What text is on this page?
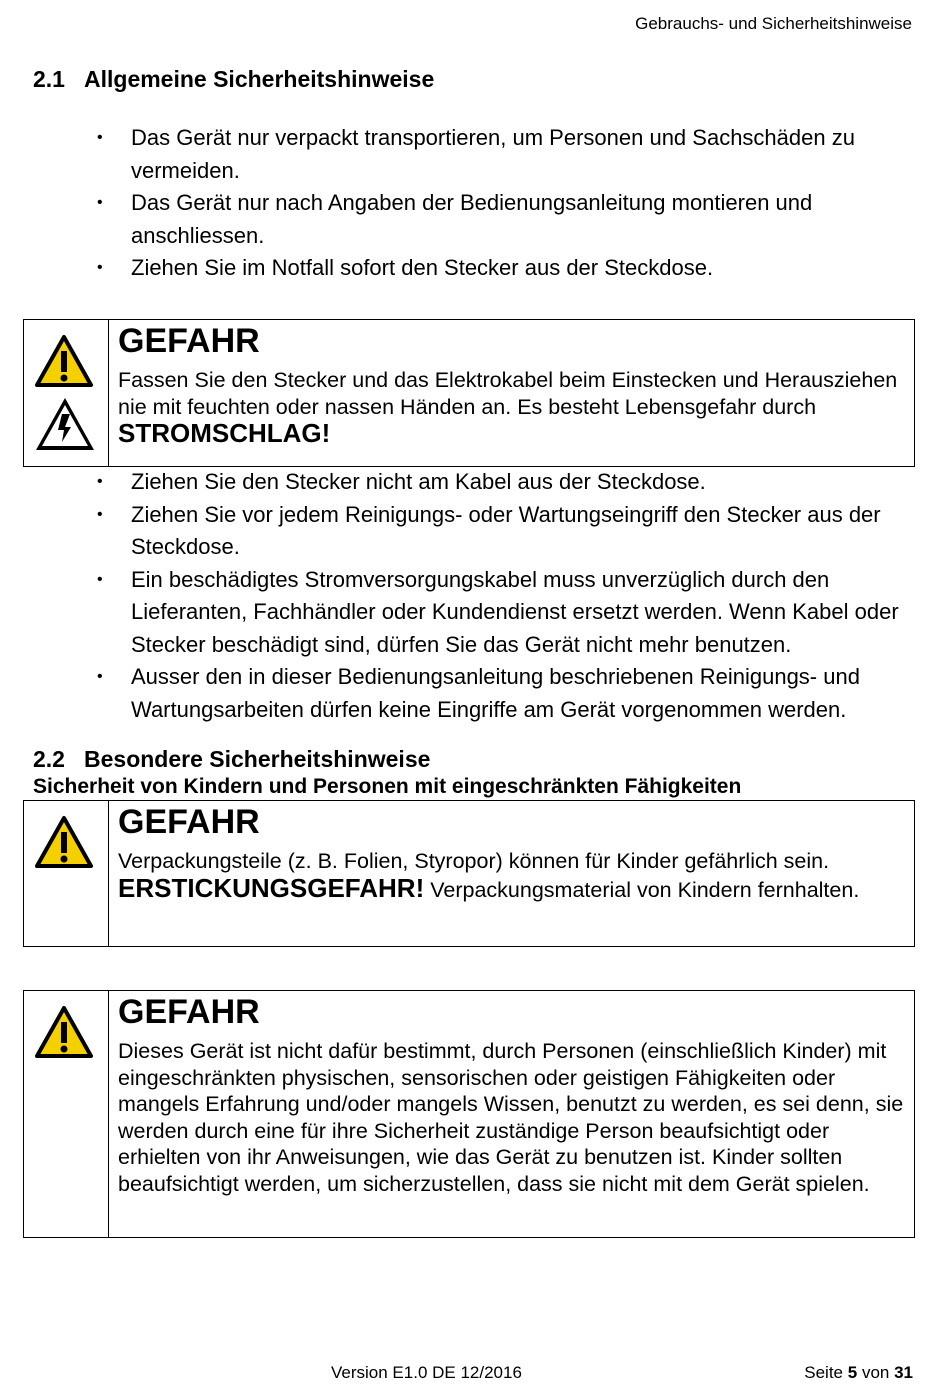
Gebrauchs- und Sicherheitshinweise
2.1 Allgemeine Sicherheitshinweise
• Das Gerät nur verpackt transportieren, um Personen und Sachschäden zu vermeiden.
• Das Gerät nur nach Angaben der Bedienungsanleitung montieren und anschliessen.
• Ziehen Sie im Notfall sofort den Stecker aus der Steckdose.
GEFAHR
Fassen Sie den Stecker und das Elektrokabel beim Einstecken und Herausziehen nie mit feuchten oder nassen Händen an. Es besteht Lebensgefahr durch STROMSCHLAG!
• Ziehen Sie den Stecker nicht am Kabel aus der Steckdose.
• Ziehen Sie vor jedem Reinigungs- oder Wartungseingriff den Stecker aus der Steckdose.
• Ein beschädigtes Stromversorgungskabel muss unverzüglich durch den Lieferanten, Fachhändler oder Kundendienst ersetzt werden. Wenn Kabel oder Stecker beschädigt sind, dürfen Sie das Gerät nicht mehr benutzen.
• Ausser den in dieser Bedienungsanleitung beschriebenen Reinigungs- und Wartungsarbeiten dürfen keine Eingriffe am Gerät vorgenommen werden.
2.2 Besondere Sicherheitshinweise
Sicherheit von Kindern und Personen mit eingeschränkten Fähigkeiten
GEFAHR
Verpackungsteile (z. B. Folien, Styropor) können für Kinder gefährlich sein.
ERSTICKUNGSGEFAHR! Verpackungsmaterial von Kindern fernhalten.
GEFAHR
Dieses Gerät ist nicht dafür bestimmt, durch Personen (einschließlich Kinder) mit eingeschränkten physischen, sensorischen oder geistigen Fähigkeiten oder mangels Erfahrung und/oder mangels Wissen, benutzt zu werden, es sei denn, sie werden durch eine für ihre Sicherheit zuständige Person beaufsichtigt oder erhielten von ihr Anweisungen, wie das Gerät zu benutzen ist. Kinder sollten beaufsichtigt werden, um sicherzustellen, dass sie nicht mit dem Gerät spielen.
Version E1.0 DE 12/2016	Seite 5 von 31
